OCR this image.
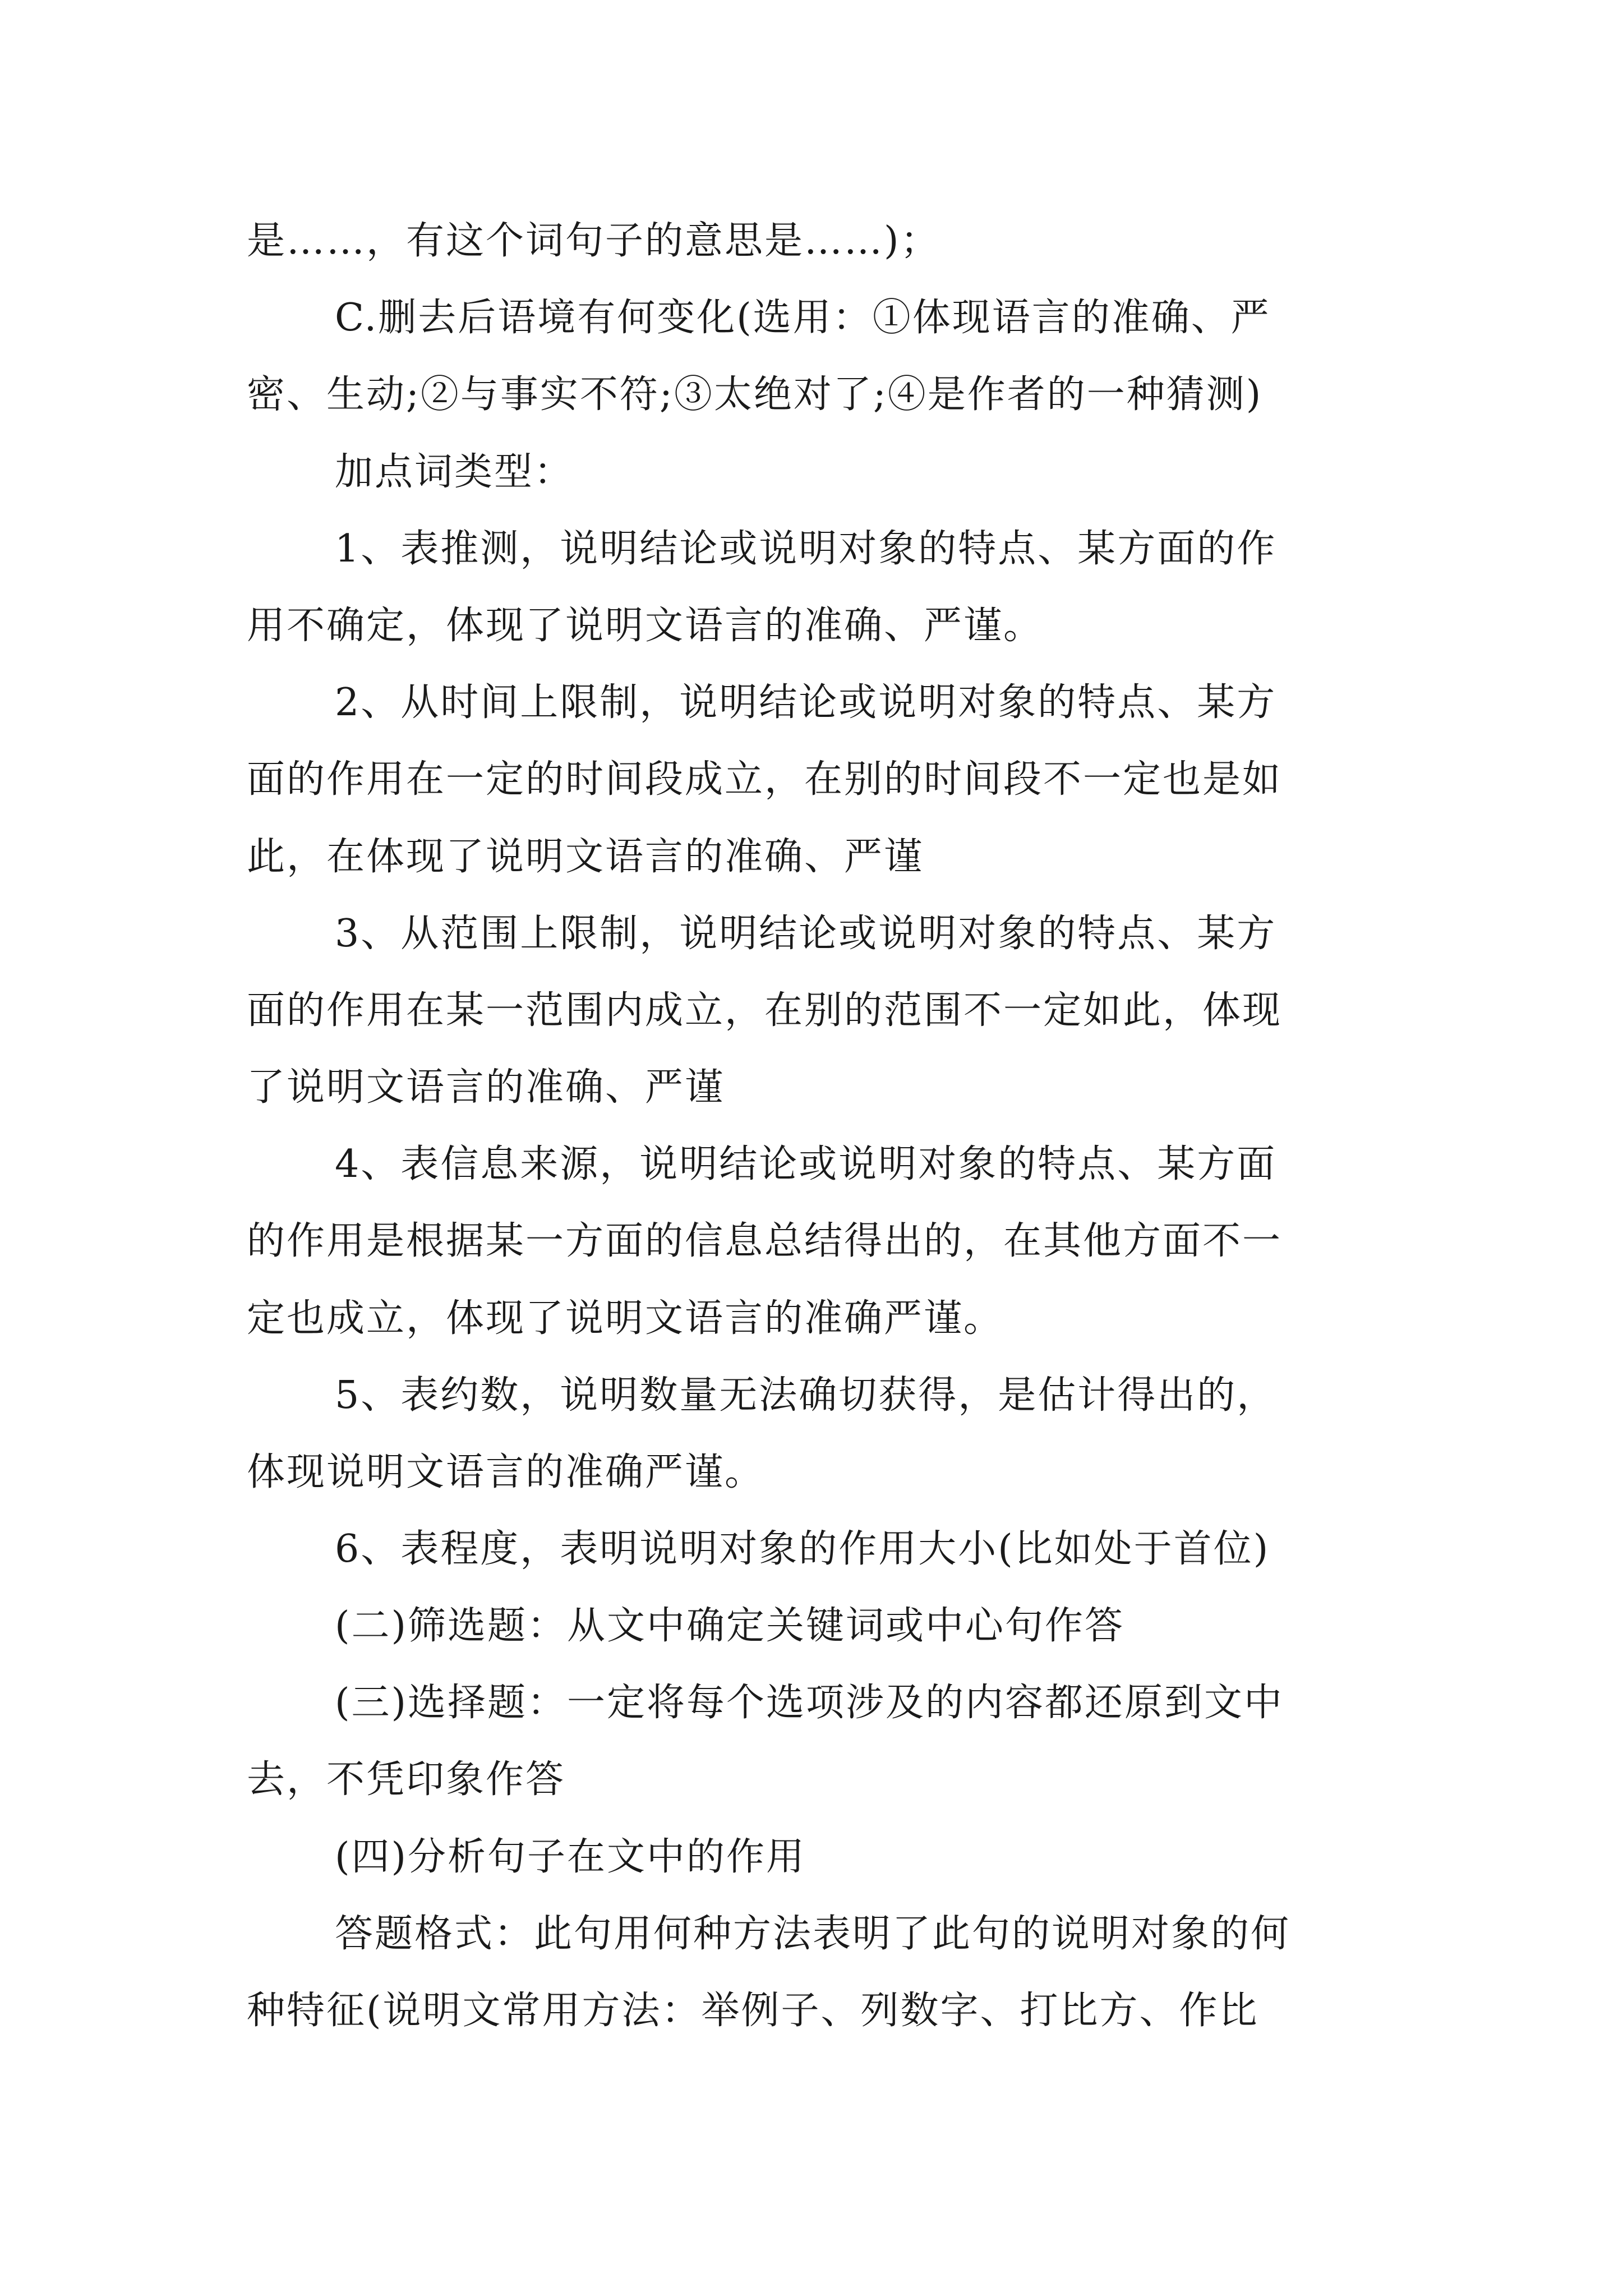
是……，有这个词句子的意思是……)；
C.删去后语境有何变化(选用：①体现语言的准确、严
密、生动;②与事实不符;③太绝对了;④是作者的一种猜测)
加点词类型：
1、表推测，说明结论或说明对象的特点、某方面的作
用不确定，体现了说明文语言的准确、严谨。
2、从时间上限制，说明结论或说明对象的特点、某方
面的作用在一定的时间段成立，在别的时间段不一定也是如
此，在体现了说明文语言的准确、严谨
3、从范围上限制，说明结论或说明对象的特点、某方
面的作用在某一范围内成立，在别的范围不一定如此，体现
了说明文语言的准确、严谨
4、表信息来源，说明结论或说明对象的特点、某方面
的作用是根据某一方面的信息总结得出的，在其他方面不一
定也成立，体现了说明文语言的准确严谨。
5、表约数，说明数量无法确切获得，是估计得出的，
体现说明文语言的准确严谨。
6、表程度，表明说明对象的作用大小(比如处于首位)
(二)筛选题：从文中确定关键词或中心句作答
(三)选择题：一定将每个选项涉及的内容都还原到文中
去，不凭印象作答
(四)分析句子在文中的作用
答题格式：此句用何种方法表明了此句的说明对象的何
种特征(说明文常用方法：举例子、列数字、打比方、作比
